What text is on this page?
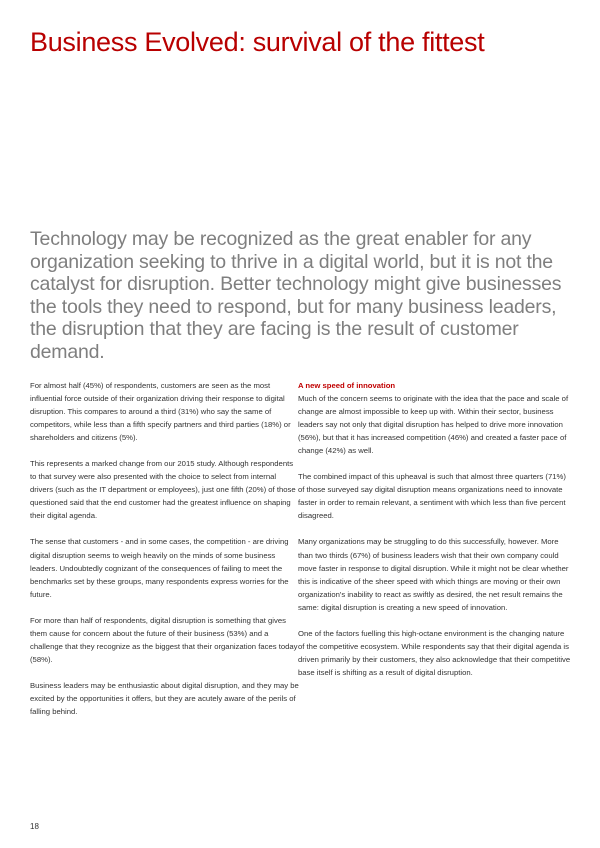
Business Evolved: survival of the fittest
Technology may be recognized as the great enabler for any organization seeking to thrive in a digital world, but it is not the catalyst for disruption. Better technology might give businesses the tools they need to respond, but for many business leaders, the disruption that they are facing is the result of customer demand.

For almost half (45%) of respondents, customers are seen as the most influential force outside of their organization driving their response to digital disruption. This compares to around a third (31%) who say the same of competitors, while less than a fifth specify partners and third parties (18%) or shareholders and citizens (5%).

This represents a marked change from our 2015 study. Although respondents to that survey were also presented with the choice to select from internal drivers (such as the IT department or employees), just one fifth (20%) of those questioned said that the end customer had the greatest influence on shaping their digital agenda.

The sense that customers - and in some cases, the competition - are driving digital disruption seems to weigh heavily on the minds of some business leaders. Undoubtedly cognizant of the consequences of failing to meet the benchmarks set by these groups, many respondents express worries for the future.

For more than half of respondents, digital disruption is something that gives them cause for concern about the future of their business (53%) and a challenge that they recognize as the biggest that their organization faces today (58%).

Business leaders may be enthusiastic about digital disruption, and they may be excited by the opportunities it offers, but they are acutely aware of the perils of falling behind.

A new speed of innovation

Much of the concern seems to originate with the idea that the pace and scale of change are almost impossible to keep up with. Within their sector, business leaders say not only that digital disruption has helped to drive more innovation (56%), but that it has increased competition (46%) and created a faster pace of change (42%) as well.

The combined impact of this upheaval is such that almost three quarters (71%) of those surveyed say digital disruption means organizations need to innovate faster in order to remain relevant, a sentiment with which less than five percent disagreed.

Many organizations may be struggling to do this successfully, however. More than two thirds (67%) of business leaders wish that their own company could move faster in response to digital disruption. While it might not be clear whether this is indicative of the sheer speed with which things are moving or their own organization's inability to react as swiftly as desired, the net result remains the same: digital disruption is creating a new speed of innovation.

One of the factors fuelling this high-octane environment is the changing nature of the competitive ecosystem. While respondents say that their digital agenda is driven primarily by their customers, they also acknowledge that their competitive base itself is shifting as a result of digital disruption.

18
